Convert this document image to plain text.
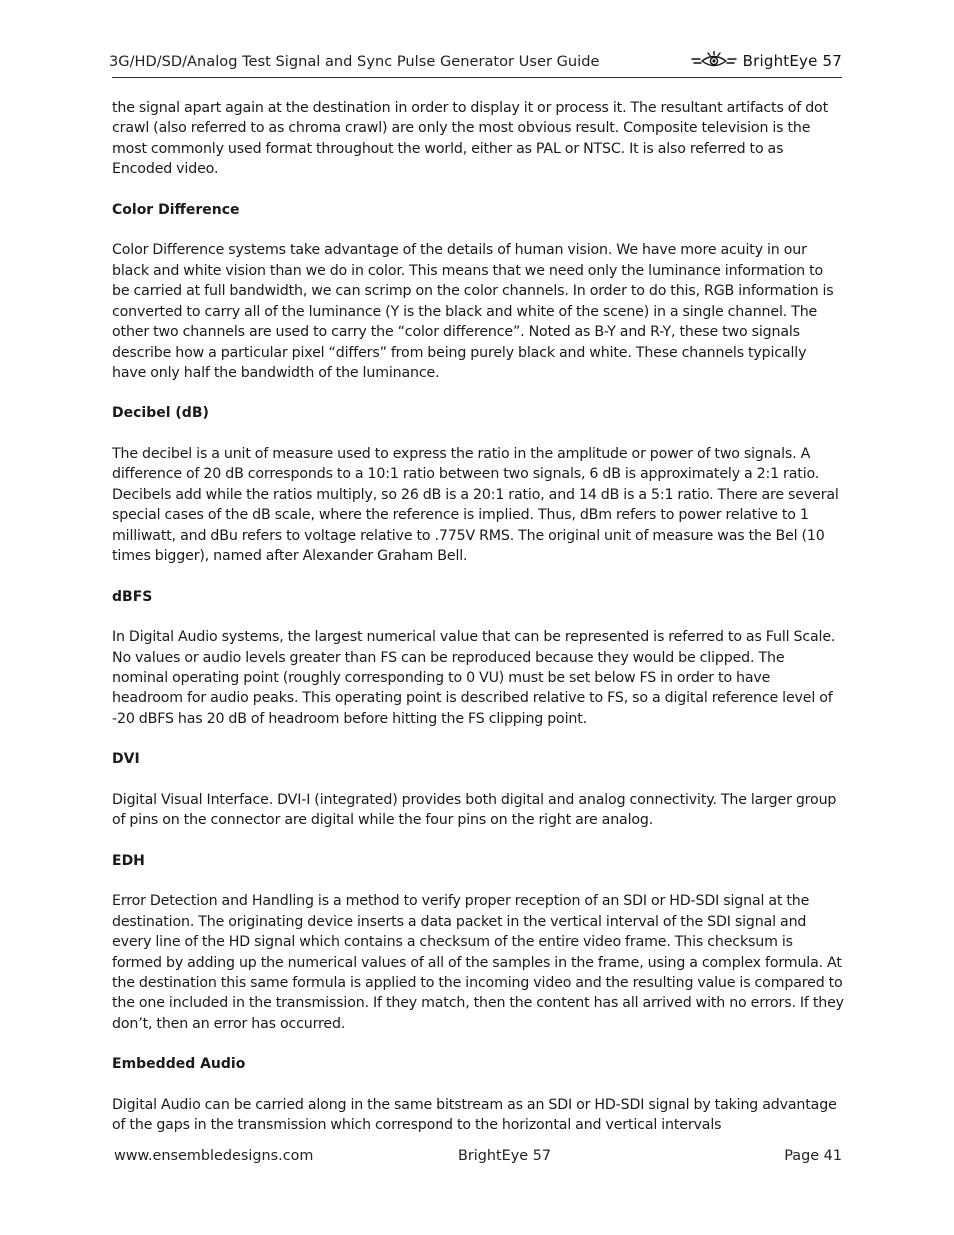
3G/HD/SD/Analog Test Signal and Sync Pulse Generator User Guide	BrightEye 57

the signal apart again at the destination in order to display it or process it. The resultant artifacts of dot crawl (also referred to as chroma crawl) are only the most obvious result. Composite television is the most commonly used format throughout the world, either as PAL or NTSC. It is also referred to as Encoded video.

Color Difference

Color Difference systems take advantage of the details of human vision. We have more acuity in our black and white vision than we do in color. This means that we need only the luminance information to be carried at full bandwidth, we can scrimp on the color channels. In order to do this, RGB information is converted to carry all of the luminance (Y is the black and white of the scene) in a single channel. The other two channels are used to carry the “color difference”. Noted as B-Y and R-Y, these two signals describe how a particular pixel “differs” from being purely black and white. These channels typically have only half the bandwidth of the luminance.

Decibel (dB)

The decibel is a unit of measure used to express the ratio in the amplitude or power of two signals. A difference of 20 dB corresponds to a 10:1 ratio between two signals, 6 dB is approximately a 2:1 ratio. Decibels add while the ratios multiply, so 26 dB is a 20:1 ratio, and 14 dB is a 5:1 ratio. There are several special cases of the dB scale, where the reference is implied. Thus, dBm refers to power relative to 1 milliwatt, and dBu refers to voltage relative to .775V RMS. The original unit of measure was the Bel (10 times bigger), named after Alexander Graham Bell.

dBFS

In Digital Audio systems, the largest numerical value that can be represented is referred to as Full Scale. No values or audio levels greater than FS can be reproduced because they would be clipped. The nominal operating point (roughly corresponding to 0 VU) must be set below FS in order to have headroom for audio peaks. This operating point is described relative to FS, so a digital reference level of -20 dBFS has 20 dB of headroom before hitting the FS clipping point.

DVI

Digital Visual Interface. DVI-I (integrated) provides both digital and analog connectivity. The larger group of pins on the connector are digital while the four pins on the right are analog.

EDH

Error Detection and Handling is a method to verify proper reception of an SDI or HD-SDI signal at the destination. The originating device inserts a data packet in the vertical interval of the SDI signal and every line of the HD signal which contains a checksum of the entire video frame. This checksum is formed by adding up the numerical values of all of the samples in the frame, using a complex formula. At the destination this same formula is applied to the incoming video and the resulting value is compared to the one included in the transmission. If they match, then the content has all arrived with no errors. If they don’t, then an error has occurred.

Embedded Audio

Digital Audio can be carried along in the same bitstream as an SDI or HD-SDI signal by taking advantage of the gaps in the transmission which correspond to the horizontal and vertical intervals

www.ensembledesigns.com	BrightEye 57	Page 41
